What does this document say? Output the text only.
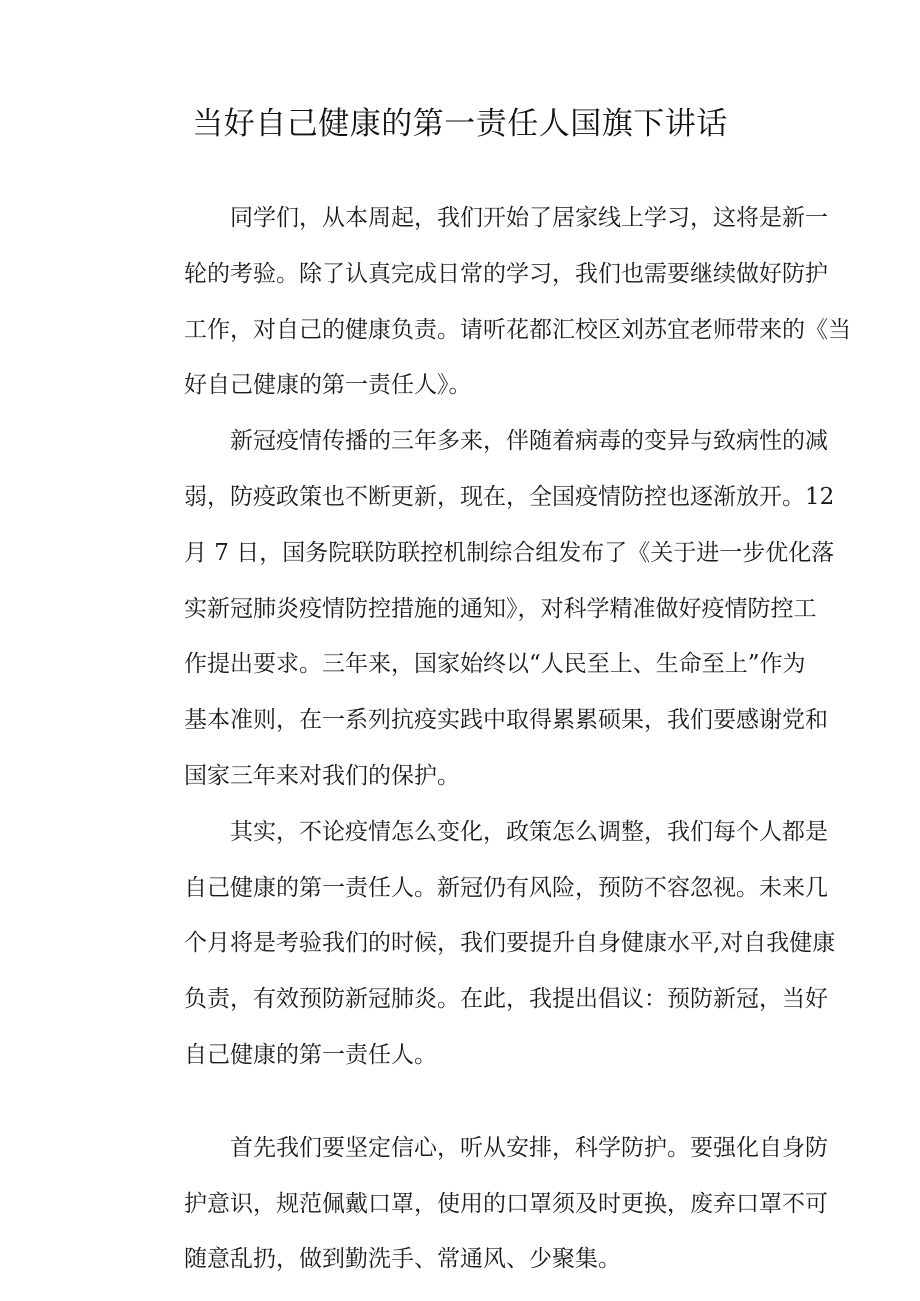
当好自己健康的第一责任人国旗下讲话
同学们，从本周起，我们开始了居家线上学习，这将是新一
轮的考验。除了认真完成日常的学习，我们也需要继续做好防护
工作，对自己的健康负责。请听花都汇校区刘苏宜老师带来的《当
好自己健康的第一责任人》。
新冠疫情传播的三年多来，伴随着病毒的变异与致病性的减
弱，防疫政策也不断更新，现在，全国疫情防控也逐渐放开。12
月 7 日，国务院联防联控机制综合组发布了《关于进一步优化落
实新冠肺炎疫情防控措施的通知》，对科学精准做好疫情防控工
作提出要求。三年来，国家始终以“人民至上、生命至上”作为
基本准则，在一系列抗疫实践中取得累累硕果，我们要感谢党和
国家三年来对我们的保护。
其实，不论疫情怎么变化，政策怎么调整，我们每个人都是
自己健康的第一责任人。新冠仍有风险，预防不容忽视。未来几
个月将是考验我们的时候，我们要提升自身健康水平,对自我健康
负责，有效预防新冠肺炎。在此，我提出倡议：预防新冠，当好
自己健康的第一责任人。
首先我们要坚定信心，听从安排，科学防护。要强化自身防
护意识，规范佩戴口罩，使用的口罩须及时更换，废弃口罩不可
随意乱扔，做到勤洗手、常通风、少聚集。
